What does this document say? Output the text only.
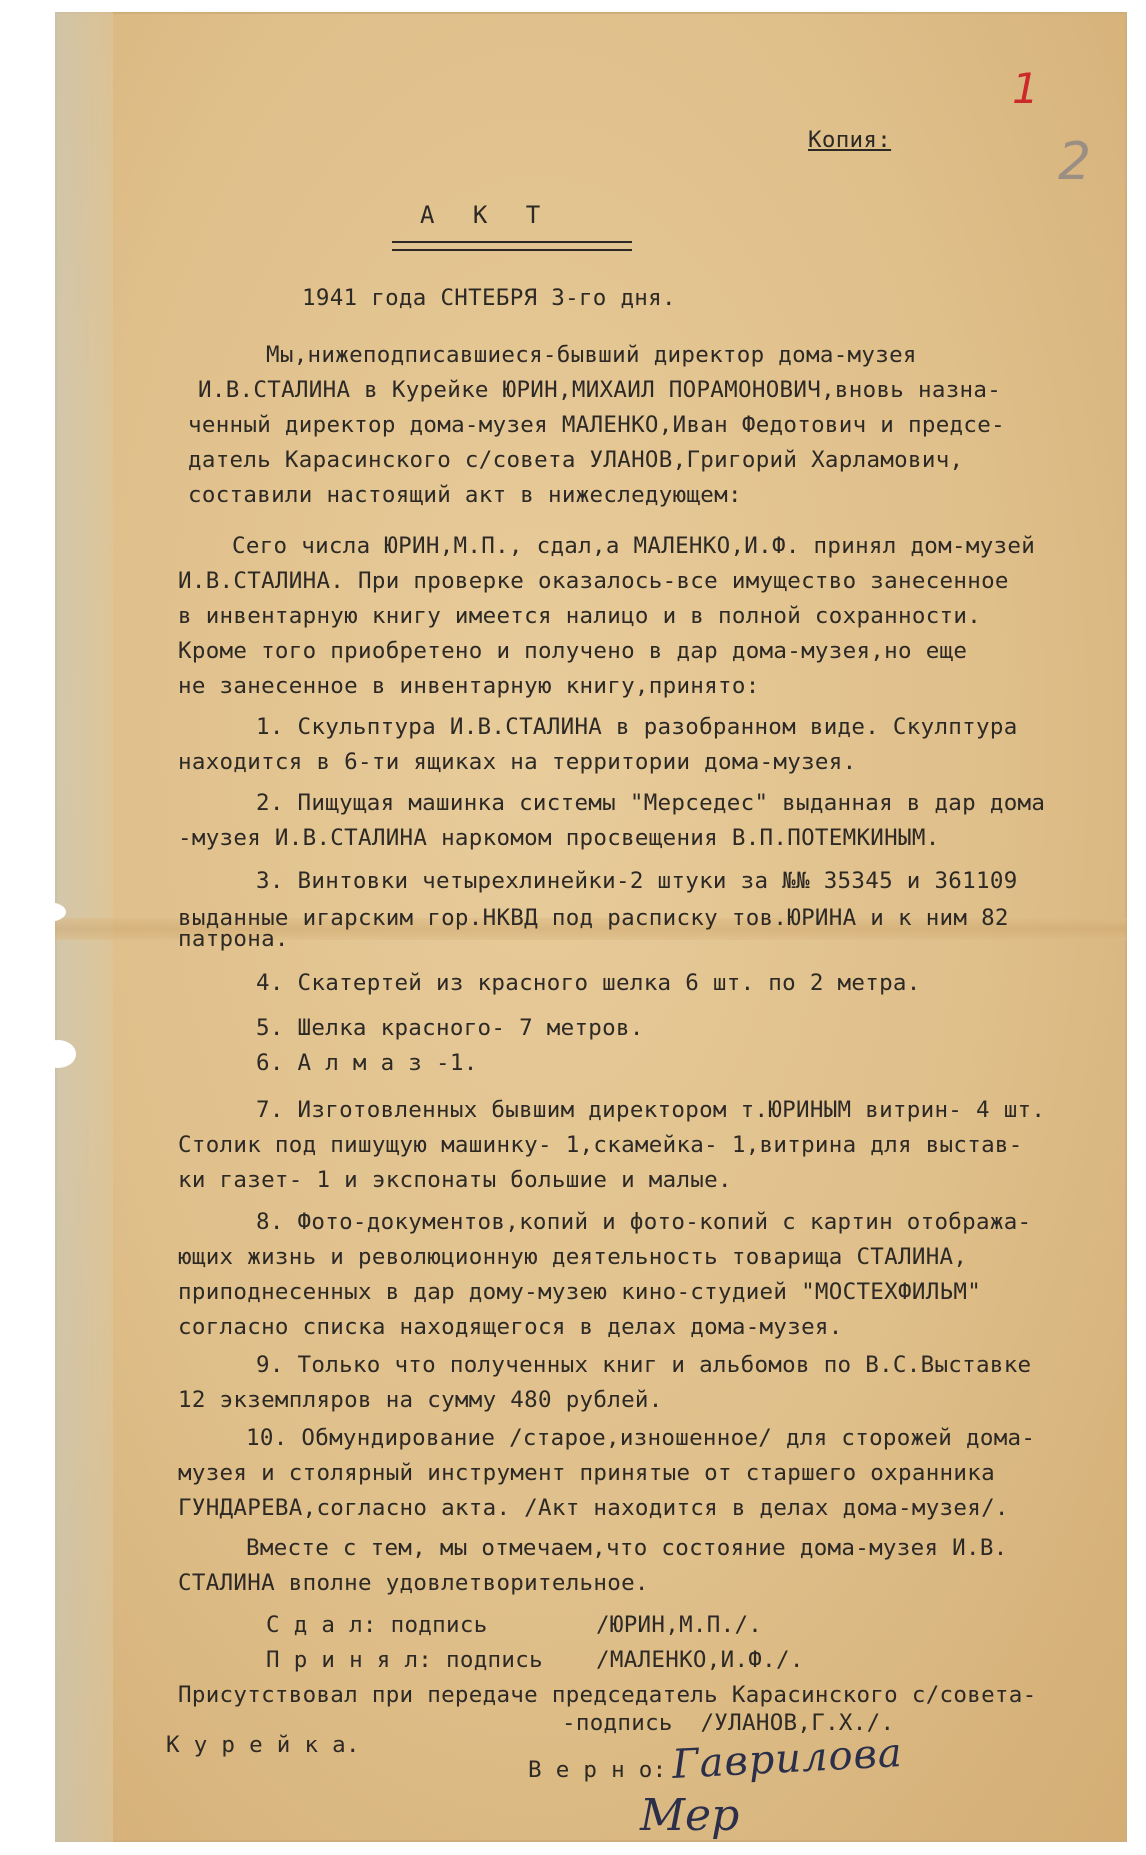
1
2
Копия:
А К Т
1941 года СНТЕБРЯ 3-го дня.
Мы,нижеподписавшиеся-бывший директор дома-музея
И.В.СТАЛИНА в Курейке ЮРИН,МИХАИЛ ПОРАМОНОВИЧ,вновь назна-
ченный директор дома-музея МАЛЕНКО,Иван Федотович и предсе-
датель Карасинского с/совета УЛАНОВ,Григорий Харламович,
составили настоящий акт в нижеследующем:
Сего числа ЮРИН,М.П., сдал,а МАЛЕНКО,И.Ф. принял дом-музей
И.В.СТАЛИНА. При проверке оказалось-все имущество занесенное
в инвентарную книгу имеется налицо и в полной сохранности.
Кроме того приобретено и получено в дар дома-музея,но еще
не занесенное в инвентарную книгу,принято:
1. Скульптура И.В.СТАЛИНА в разобранном виде. Скулптура
находится в 6-ти ящиках на территории дома-музея.
2. Пищущая машинка системы "Мерседес" выданная в дар дома
-музея И.В.СТАЛИНА наркомом просвещения В.П.ПОТЕМКИНЫМ.
3. Винтовки четырехлинейки-2 штуки за №№ 35345 и 361109
выданные игарским гор.НКВД под распиcку тов.ЮРИНА и к ним 82
патрона.
4. Скатертей из красного шелка 6 шт. по 2 метра.
5. Шелка красного- 7 метров.
6. А л м а з -1.
7. Изготовленных бывшим директором т.ЮРИНЫМ витрин- 4 шт.
Столик под пишущую машинку- 1,скамейка- 1,витрина для выстав-
ки газет- 1 и экспонаты большие и малые.
8. Фото-документов,копий и фото-копий с картин отобража-
ющих жизнь и революционную деятельность товарища СТАЛИНА,
приподнесенных в дар дому-музею кино-студией "МОСТЕХФИЛЬМ"
согласно списка находящегося в делах дома-музея.
9. Только что полученных книг и альбомов по В.С.Выставке
12 экземпляров на сумму 480 рублей.
10. Обмундирование /старое,изношенное/ для сторожей дома-
музея и столярный инструмент принятые от старшего охранника
ГУНДАРЕВА,согласно акта. /Акт находится в делах дома-музея/.
Вместе с тем, мы отмечаем,что состояние дома-музея И.В.
СТАЛИНА вполне удовлетворительное.
С д а л: подпись	/ЮРИН,М.П./.
П р и н я л: подпись /МАЛЕНКО,И.Ф./.
Присутствовал при передаче председатель Карасинского с/совета-
-подпись  /УЛАНОВ,Г.Х./.
К у р е й к а.
В е р н о: Гаврилова
Мер
